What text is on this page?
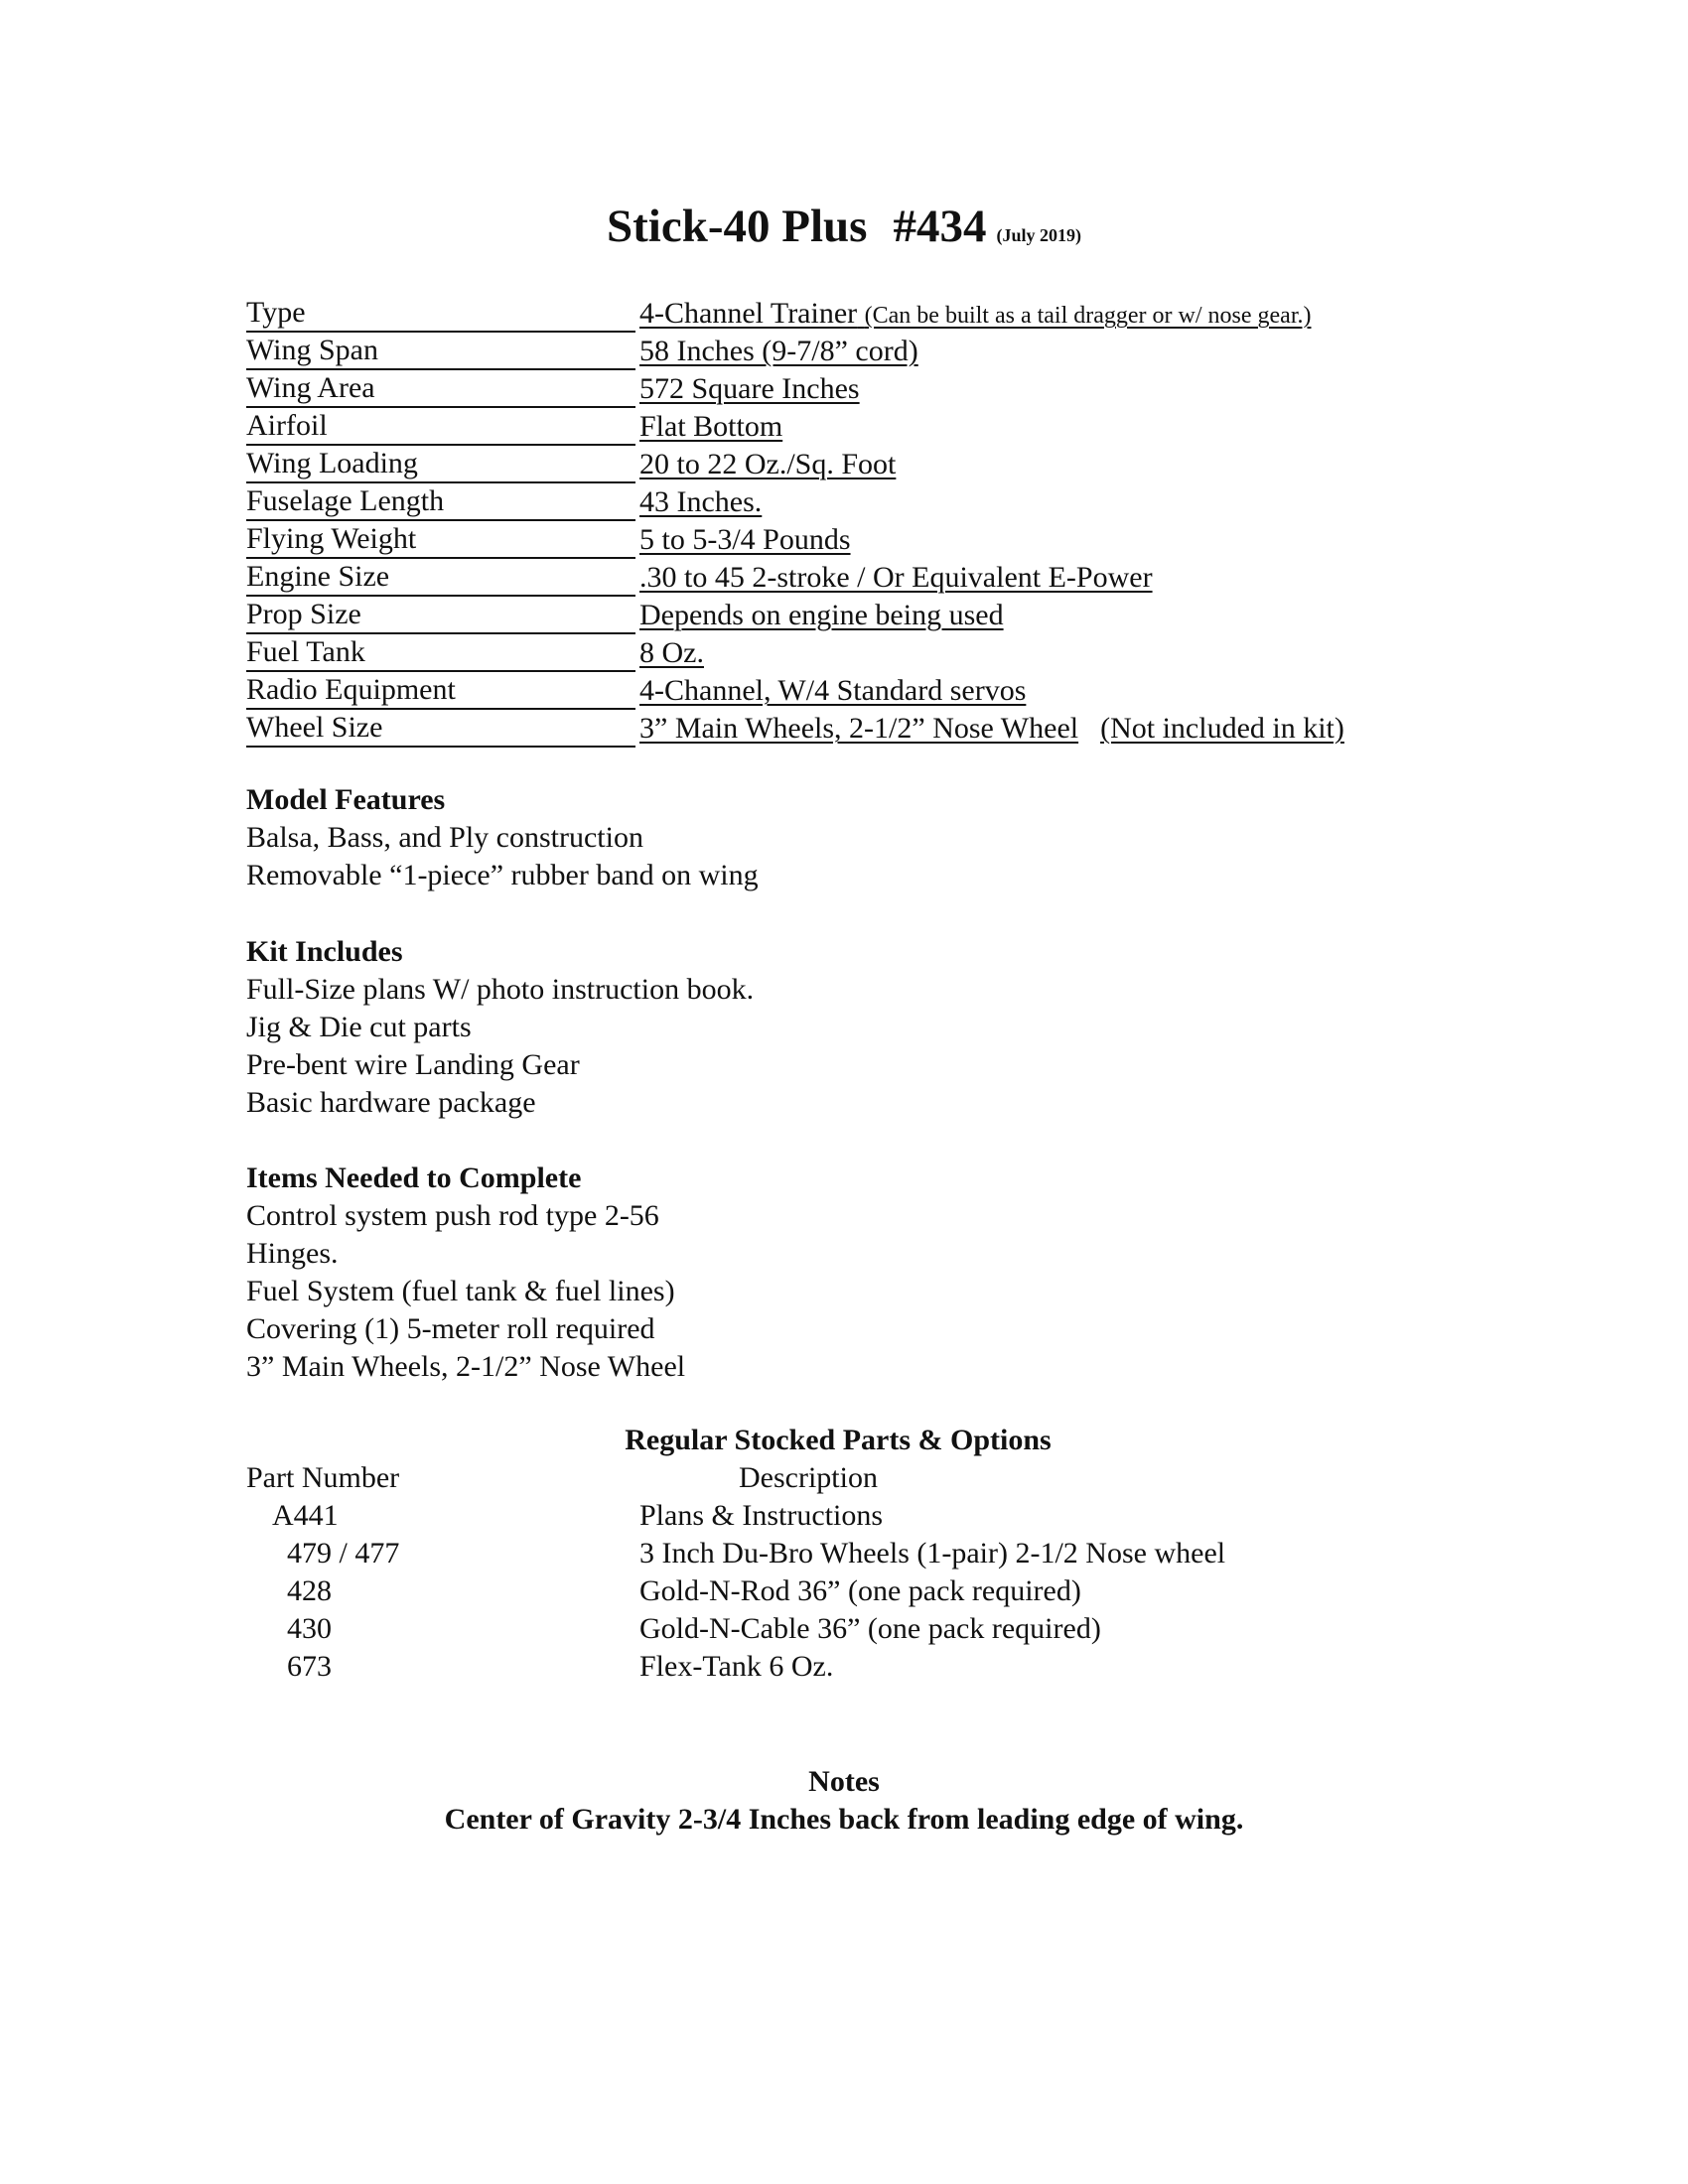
Stick-40 Plus #434 (July 2019)
Type	4-Channel Trainer (Can be built as a tail dragger or w/ nose gear.)
Wing Span	58 Inches (9-7/8” cord)
Wing Area	572 Square Inches
Airfoil	Flat Bottom
Wing Loading	20 to 22 Oz./Sq. Foot
Fuselage Length	43 Inches.
Flying Weight	5 to 5-3/4 Pounds
Engine Size	.30 to 45 2-stroke / Or Equivalent E-Power
Prop Size	Depends on engine being used
Fuel Tank	8 Oz.
Radio Equipment	4-Channel, W/4 Standard servos
Wheel Size	3” Main Wheels, 2-1/2” Nose Wheel (Not included in kit)
Model Features
Balsa, Bass, and Ply construction
Removable “1-piece” rubber band on wing
Kit Includes
Full-Size plans W/ photo instruction book.
Jig & Die cut parts
Pre-bent wire Landing Gear
Basic hardware package
Items Needed to Complete
Control system push rod type 2-56
Hinges.
Fuel System (fuel tank & fuel lines)
Covering (1) 5-meter roll required
3” Main Wheels, 2-1/2” Nose Wheel
Regular Stocked Parts & Options
Part Number	Description
A441	Plans & Instructions
479 / 477	3 Inch Du-Bro Wheels (1-pair) 2-1/2 Nose wheel
428	Gold-N-Rod 36” (one pack required)
430	Gold-N-Cable 36” (one pack required)
673	Flex-Tank 6 Oz.
Notes
Center of Gravity 2-3/4 Inches back from leading edge of wing.
